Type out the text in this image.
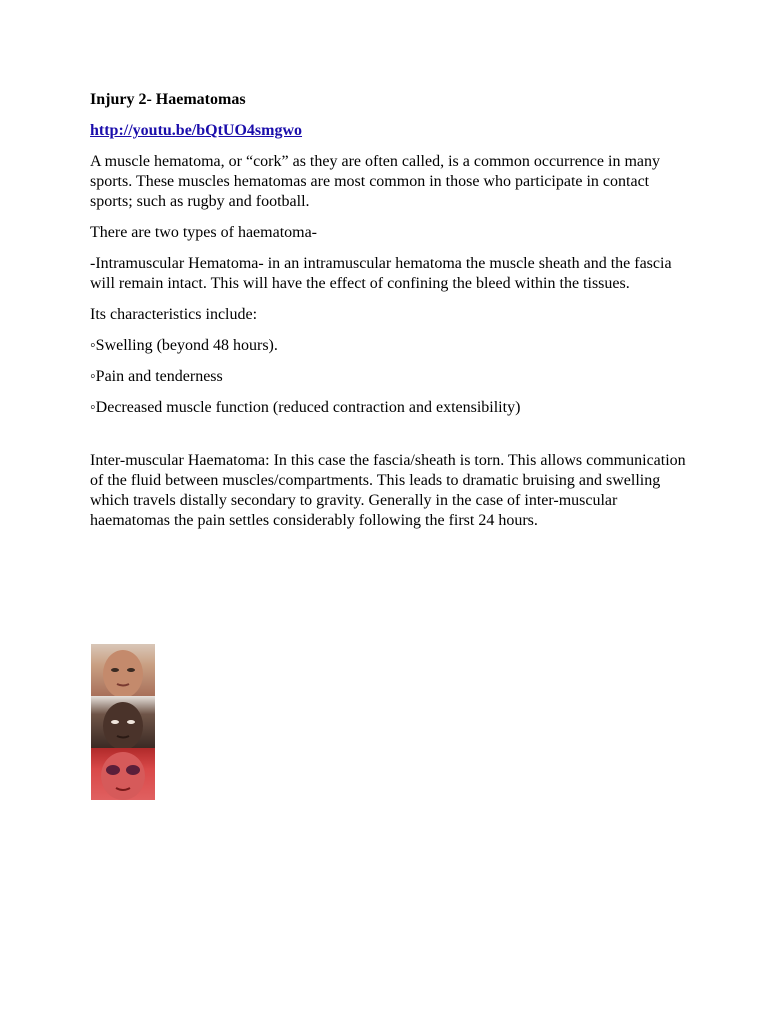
Injury 2- Haematomas
http://youtu.be/bQtUO4smgwo

A muscle hematoma, or “cork” as they are often called, is a common occurrence in many sports. These muscles hematomas are most common in those who participate in contact sports; such as rugby and football.

There are two types of haematoma-

-Intramuscular Hematoma- in an intramuscular hematoma the muscle sheath and the fascia will remain intact. This will have the effect of confining the bleed within the tissues.

Its characteristics include:

◦Swelling (beyond 48 hours).

◦Pain and tenderness

◦Decreased muscle function (reduced contraction and extensibility)

Inter-muscular Haematoma: In this case the fascia/sheath is torn. This allows communication of the fluid between muscles/compartments. This leads to dramatic bruising and swelling which travels distally secondary to gravity. Generally in the case of inter-muscular haematomas the pain settles considerably following the first 24 hours.
